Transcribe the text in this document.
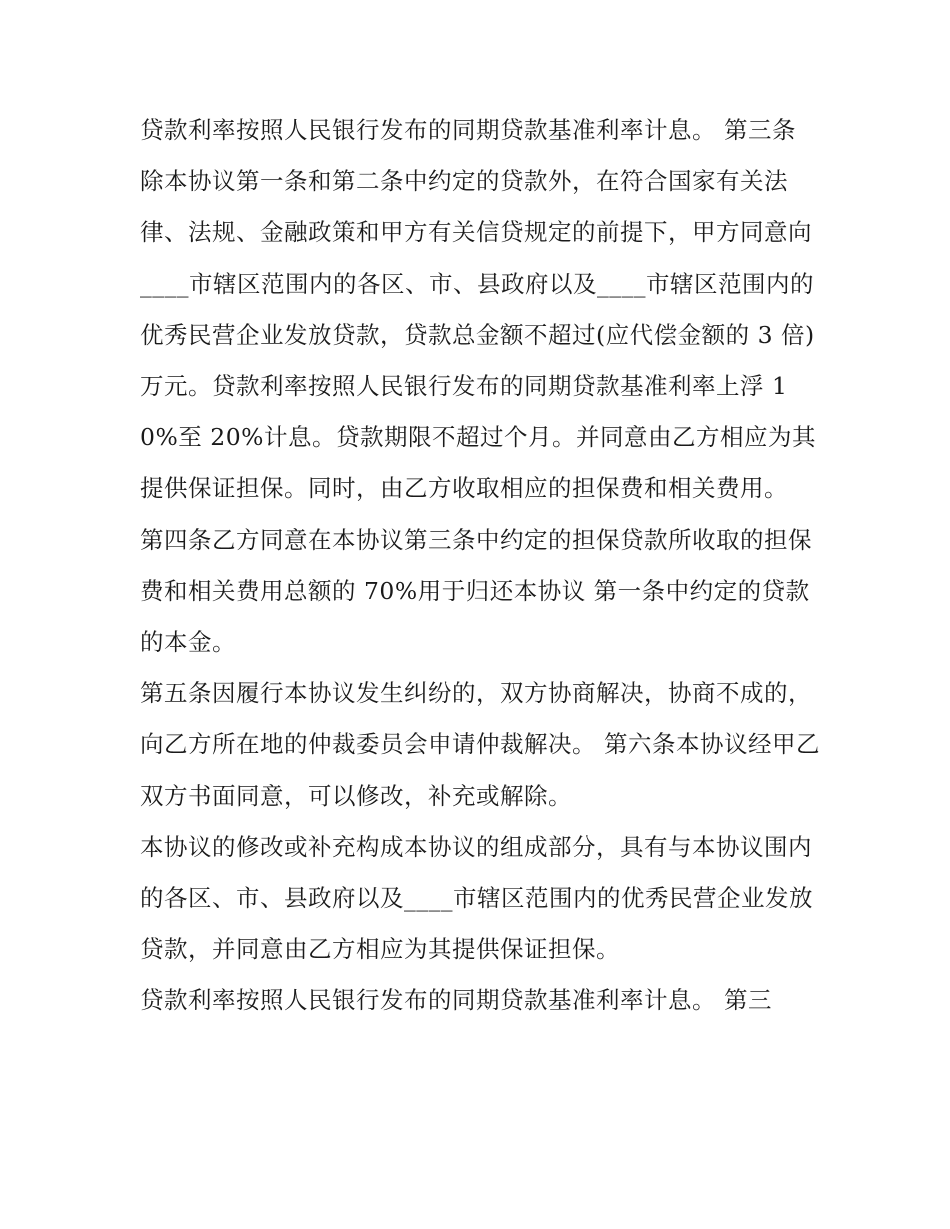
贷款利率按照人民银行发布的同期贷款基准利率计息。 第三条

除本协议第一条和第二条中约定的贷款外，在符合国家有关法律、法规、金融政策和甲方有关信贷规定的前提下，甲方同意向____市辖区范围内的各区、市、县政府以及____市辖区范围内的优秀民营企业发放贷款，贷款总金额不超过(应代偿金额的 3 倍)万元。贷款利率按照人民银行发布的同期贷款基准利率上浮 10%至 20%计息。贷款期限不超过个月。并同意由乙方相应为其提供保证担保。同时，由乙方收取相应的担保费和相关费用。

第四条乙方同意在本协议第三条中约定的担保贷款所收取的担保费和相关费用总额的 70%用于归还本协议 第一条中约定的贷款的本金。

第五条因履行本协议发生纠纷的，双方协商解决，协商不成的，向乙方所在地的仲裁委员会申请仲裁解决。 第六条本协议经甲乙双方书面同意，可以修改，补充或解除。

本协议的修改或补充构成本协议的组成部分，具有与本协议围内的各区、市、县政府以及____市辖区范围内的优秀民营企业发放贷款，并同意由乙方相应为其提供保证担保。

贷款利率按照人民银行发布的同期贷款基准利率计息。 第三
